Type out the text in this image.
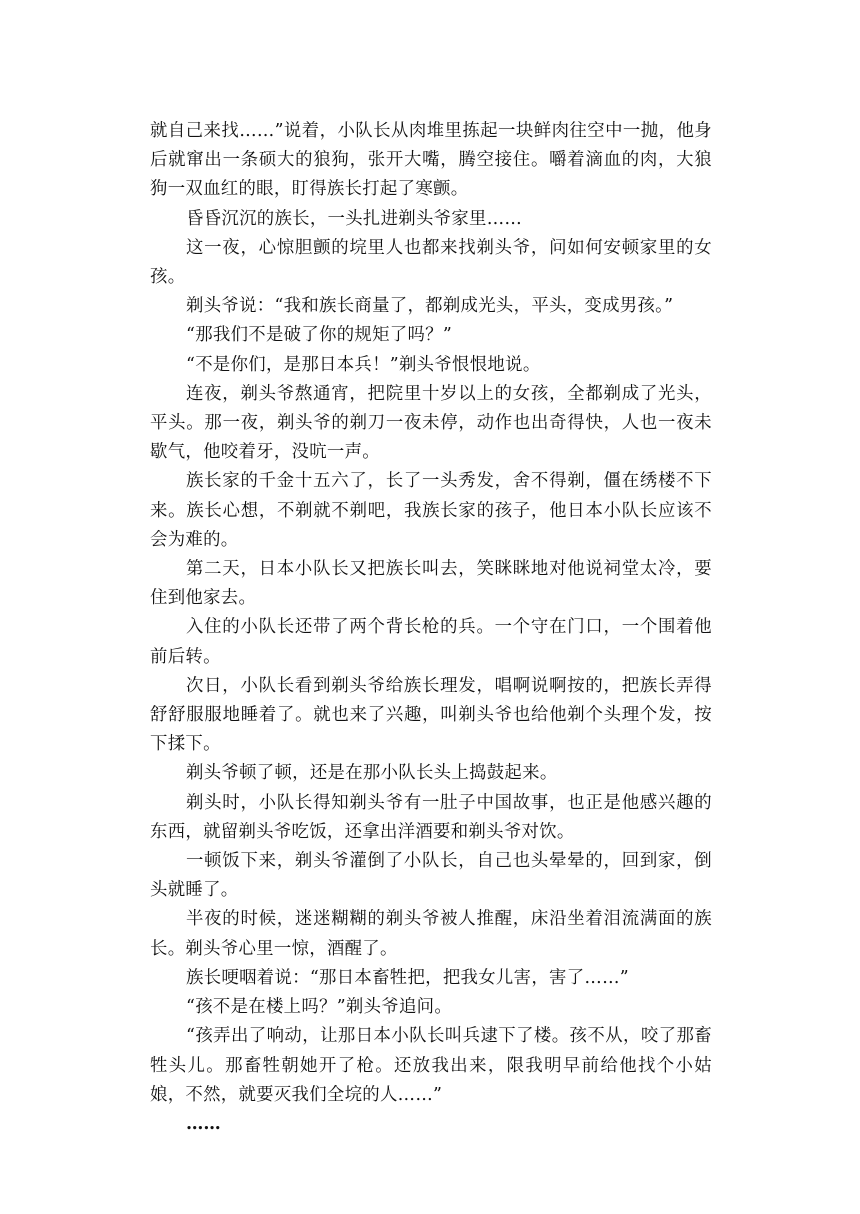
就自己来找……”说着，小队长从肉堆里拣起一块鲜肉往空中一抛，他身后就窜出一条硕大的狼狗，张开大嘴，腾空接住。嚼着滴血的肉，大狼狗一双血红的眼，盯得族长打起了寒颤。

昏昏沉沉的族长，一头扎进剃头爷家里……

这一夜，心惊胆颤的垸里人也都来找剃头爷，问如何安顿家里的女孩。

剃头爷说：“我和族长商量了，都剃成光头，平头，变成男孩。”

“那我们不是破了你的规矩了吗？”

“不是你们，是那日本兵！”剃头爷恨恨地说。

连夜，剃头爷熬通宵，把院里十岁以上的女孩，全都剃成了光头，平头。那一夜，剃头爷的剃刀一夜未停，动作也出奇得快，人也一夜未歇气，他咬着牙，没吭一声。

族长家的千金十五六了，长了一头秀发，舍不得剃，僵在绣楼不下来。族长心想，不剃就不剃吧，我族长家的孩子，他日本小队长应该不会为难的。

第二天，日本小队长又把族长叫去，笑眯眯地对他说祠堂太冷，要住到他家去。

入住的小队长还带了两个背长枪的兵。一个守在门口，一个围着他前后转。

次日，小队长看到剃头爷给族长理发，唱啊说啊按的，把族长弄得舒舒服服地睡着了。就也来了兴趣，叫剃头爷也给他剃个头理个发，按下揉下。

剃头爷顿了顿，还是在那小队长头上捣鼓起来。

剃头时，小队长得知剃头爷有一肚子中国故事，也正是他感兴趣的东西，就留剃头爷吃饭，还拿出洋酒要和剃头爷对饮。

一顿饭下来，剃头爷灌倒了小队长，自己也头晕晕的，回到家，倒头就睡了。

半夜的时候，迷迷糊糊的剃头爷被人推醒，床沿坐着泪流满面的族长。剃头爷心里一惊，酒醒了。

族长哽咽着说：“那日本畜牲把，把我女儿害，害了……”

“孩不是在楼上吗？”剃头爷追问。

“孩弄出了响动，让那日本小队长叫兵逮下了楼。孩不从，咬了那畜牲头儿。那畜牲朝她开了枪。还放我出来，限我明早前给他找个小姑娘，不然，就要灭我们全垸的人……”

……
